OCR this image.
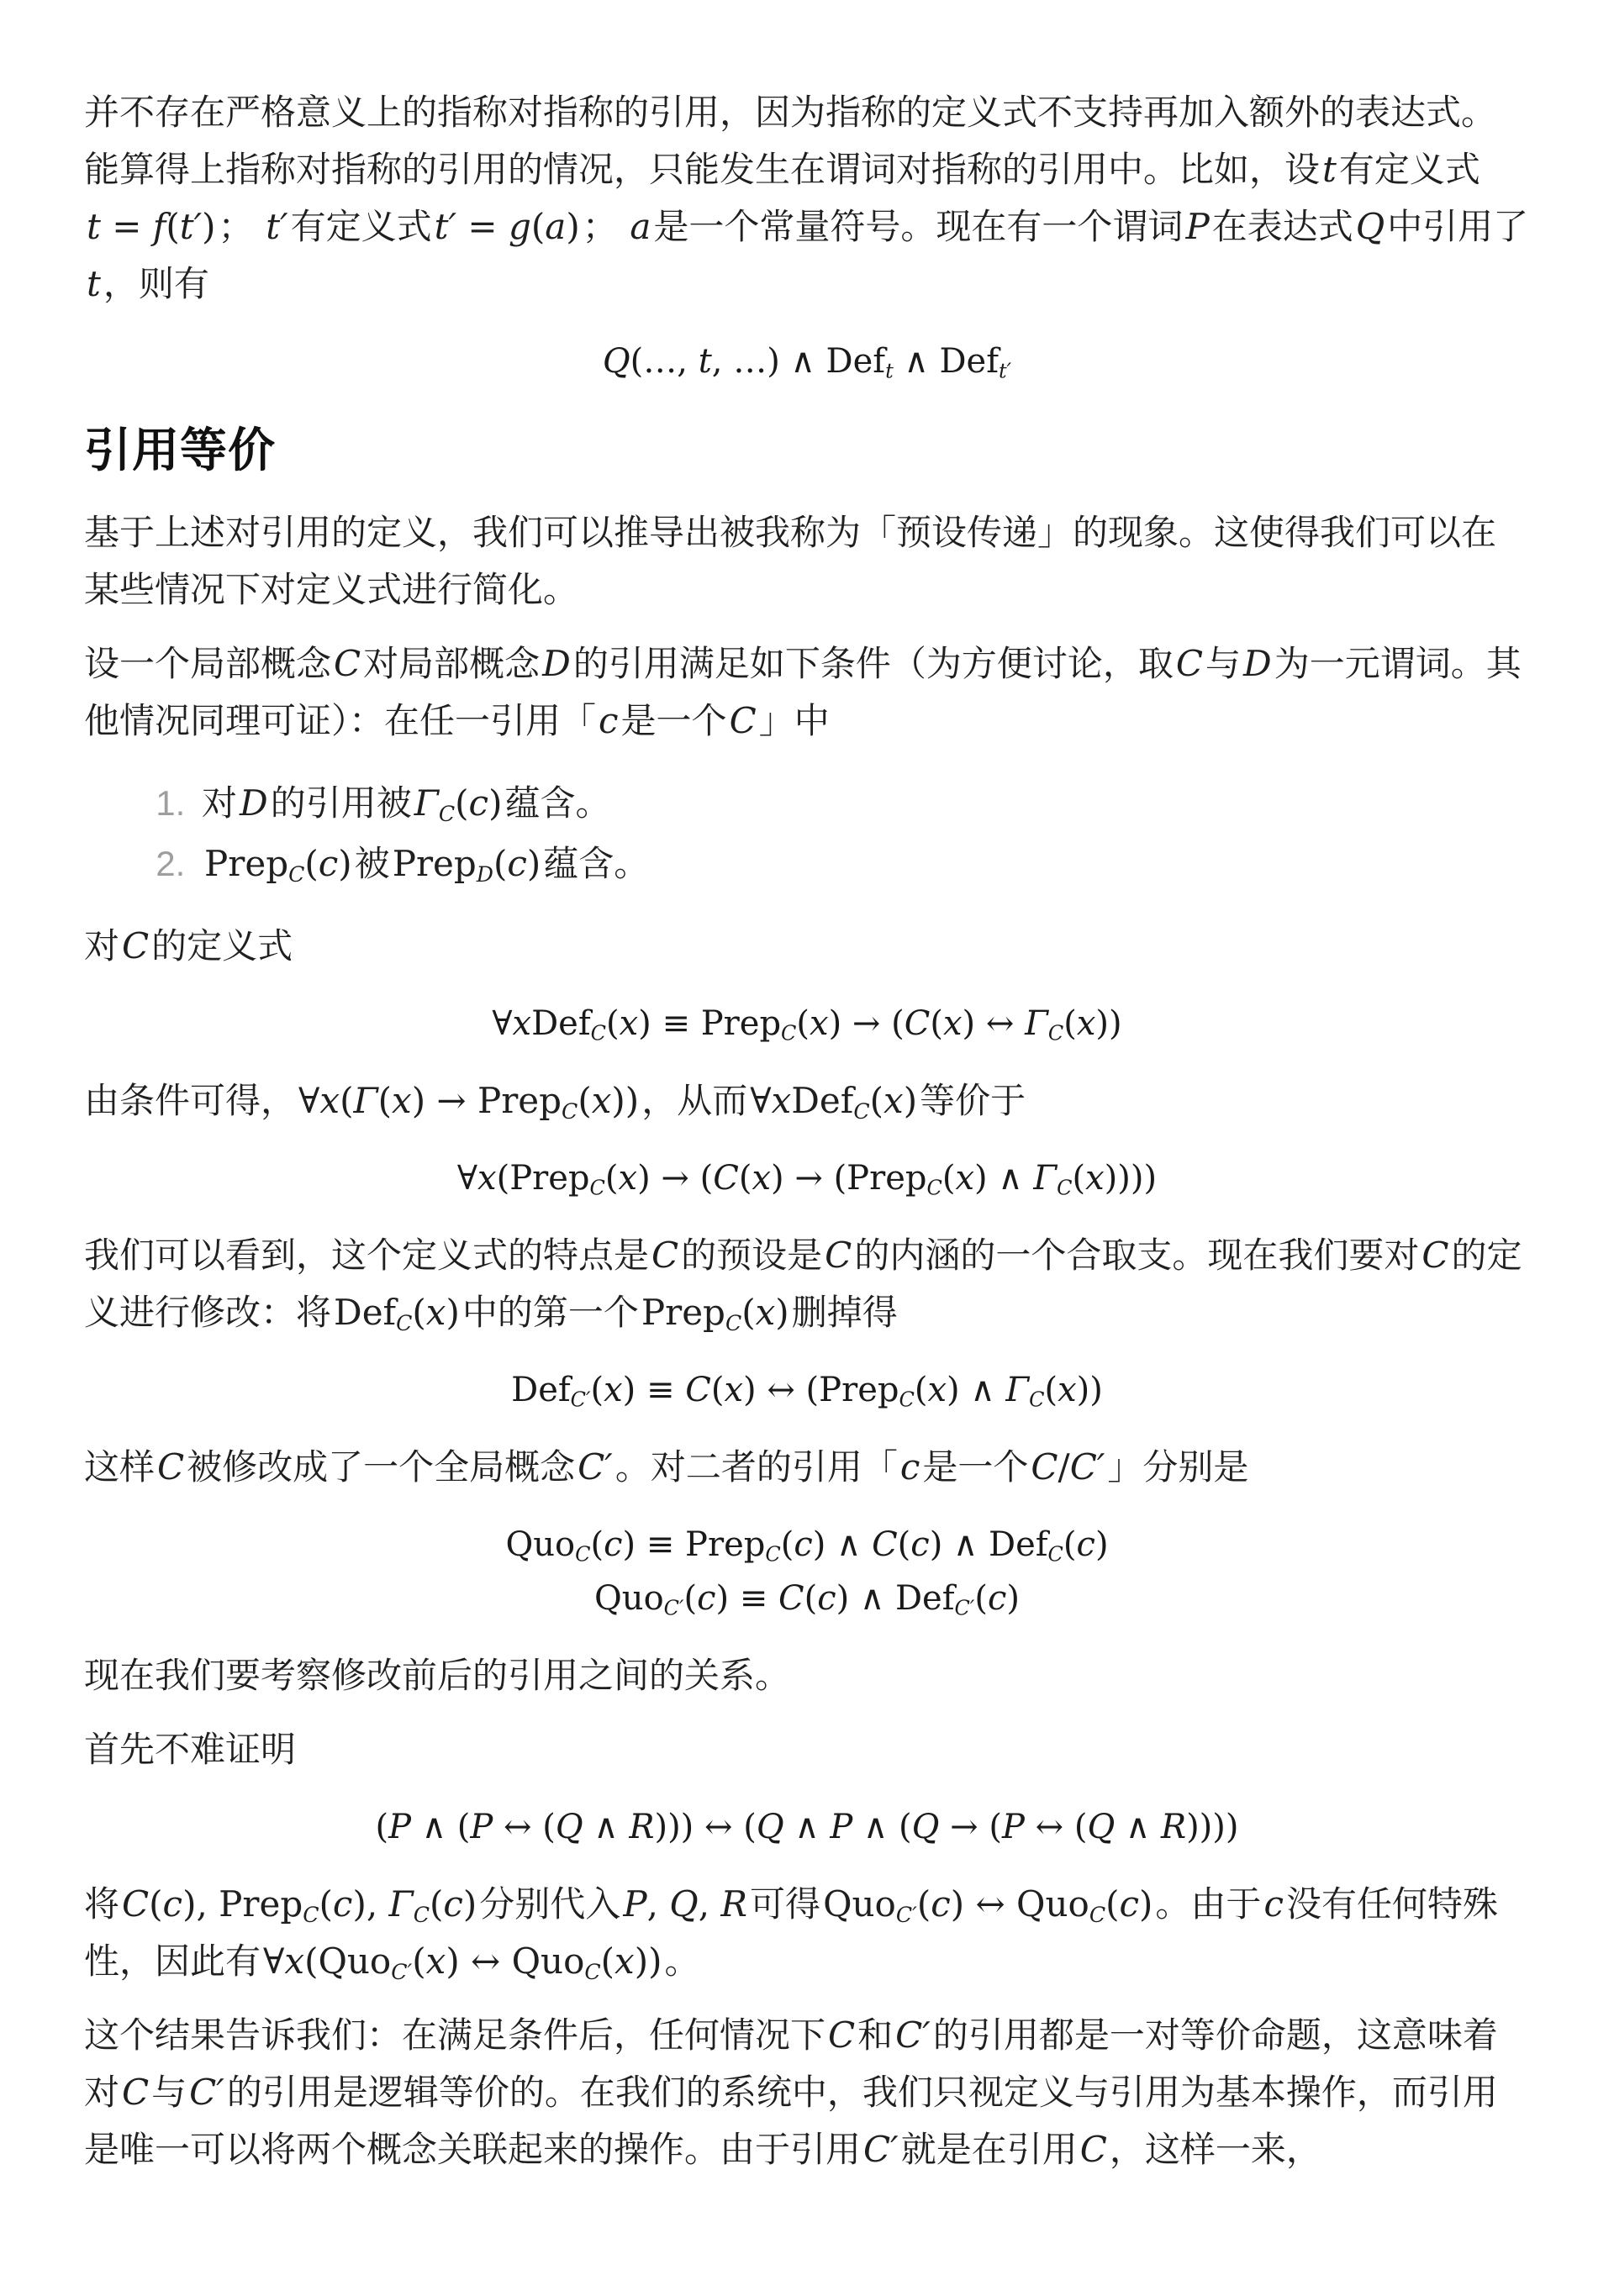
并不存在严格意义上的指称对指称的引用，因为指称的定义式不支持再加入额外的表达式。能算得上指称对指称的引用的情况，只能发生在谓词对指称的引用中。比如，设t有定义式t = f(t′)； t′有定义式t′ = g(a)； a是一个常量符号。现在有一个谓词P在表达式Q中引用了t，则有

Q(…, t, …) ∧ Def$_t$ ∧ Def$_{t'}$
引用等价

基于上述对引用的定义，我们可以推导出被我称为「预设传递」的现象。这使得我们可以在某些情况下对定义式进行简化。

设一个局部概念C对局部概念D的引用满足如下条件（为方便讨论，取C与D为一元谓词。其他情况同理可证）：在任一引用「c是一个C」中

1. 对D的引用被$\Gamma_C(c)$蕴含。
2. Prep$_C$(c)被Prep$_D$(c)蕴含。

对C的定义式

∀xDef$_C$(x) ≡ Prep$_C$(x) → (C(x) ↔ $\Gamma_C(x)$)

由条件可得，∀x(Γ(x) → Prep$_C$(x))，从而∀xDef$_C$(x)等价于

∀x(Prep$_C$(x) → (C(x) → (Prep$_C$(x) ∧ $\Gamma_C(x)$)))

我们可以看到，这个定义式的特点是C的预设是C的内涵的一个合取支。现在我们要对C的定义进行修改：将Def$_C$(x)中的第一个Prep$_C$(x)删掉得

Def$_{C'}$(x) ≡ C(x) ↔ (Prep$_C$(x) ∧ $\Gamma_C(x)$)

这样C被修改成了一个全局概念C′。对二者的引用「c是一个C/C′」分别是

Quo$_C$(c) ≡ Prep$_C$(c) ∧ C(c) ∧ Def$_C$(c)
Quo$_{C'}$(c) ≡ C(c) ∧ Def$_{C'}$(c)

现在我们要考察修改前后的引用之间的关系。

首先不难证明

(P ∧ (P ↔ (Q ∧ R))) ↔ (Q ∧ P ∧ (Q → (P ↔ (Q ∧ R))))

将C(c), Prep$_C$(c), $\Gamma_C(c)$分别代入P, Q, R可得Quo$_{C'}$(c) ↔ Quo$_C$(c)。由于c没有任何特殊性，因此有∀x(Quo$_{C'}$(x) ↔ Quo$_C$(x))。

这个结果告诉我们：在满足条件后，任何情况下C和C′的引用都是一对等价命题，这意味着对C与C′的引用是逻辑等价的。在我们的系统中，我们只视定义与引用为基本操作，而引用是唯一可以将两个概念关联起来的操作。由于引用C′就是在引用C，这样一来，
